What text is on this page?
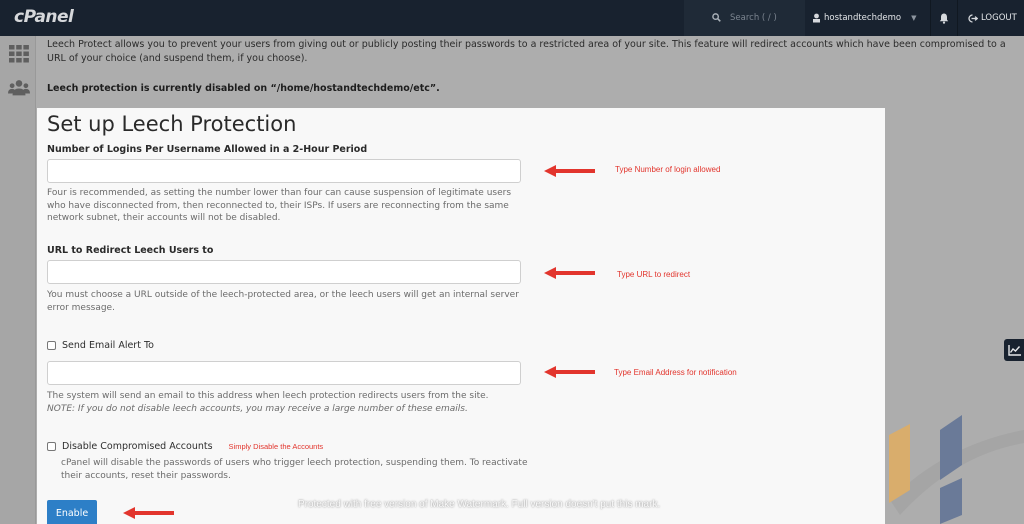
cPanel	Search ( / )	hostandtechdemo ▼	LOGOUT
Leech Protect allows you to prevent your users from giving out or publicly posting their passwords to a restricted area of your site. This feature will redirect accounts which have been compromised to a URL of your choice (and suspend them, if you choose).
Leech protection is currently disabled on “/home/hostandtechdemo/etc”.
Set up Leech Protection
Number of Logins Per Username Allowed in a 2-Hour Period
Four is recommended, as setting the number lower than four can cause suspension of legitimate users who have disconnected from, then reconnected to, their ISPs. If users are reconnecting from the same network subnet, their accounts will not be disabled.
URL to Redirect Leech Users to
You must choose a URL outside of the leech-protected area, or the leech users will get an internal server error message.
Send Email Alert To
The system will send an email to this address when leech protection redirects users from the site.
NOTE: If you do not disable leech accounts, you may receive a large number of these emails.
Disable Compromised Accounts Simply Disable the Accounts
cPanel will disable the passwords of users who trigger leech protection, suspending them. To reactivate their accounts, reset their passwords.
Enable
Type Number of login allowed
Type URL to redirect
Type Email Address for notification
Protected with free version of Make Watermark. Full version doesn't put this mark.
